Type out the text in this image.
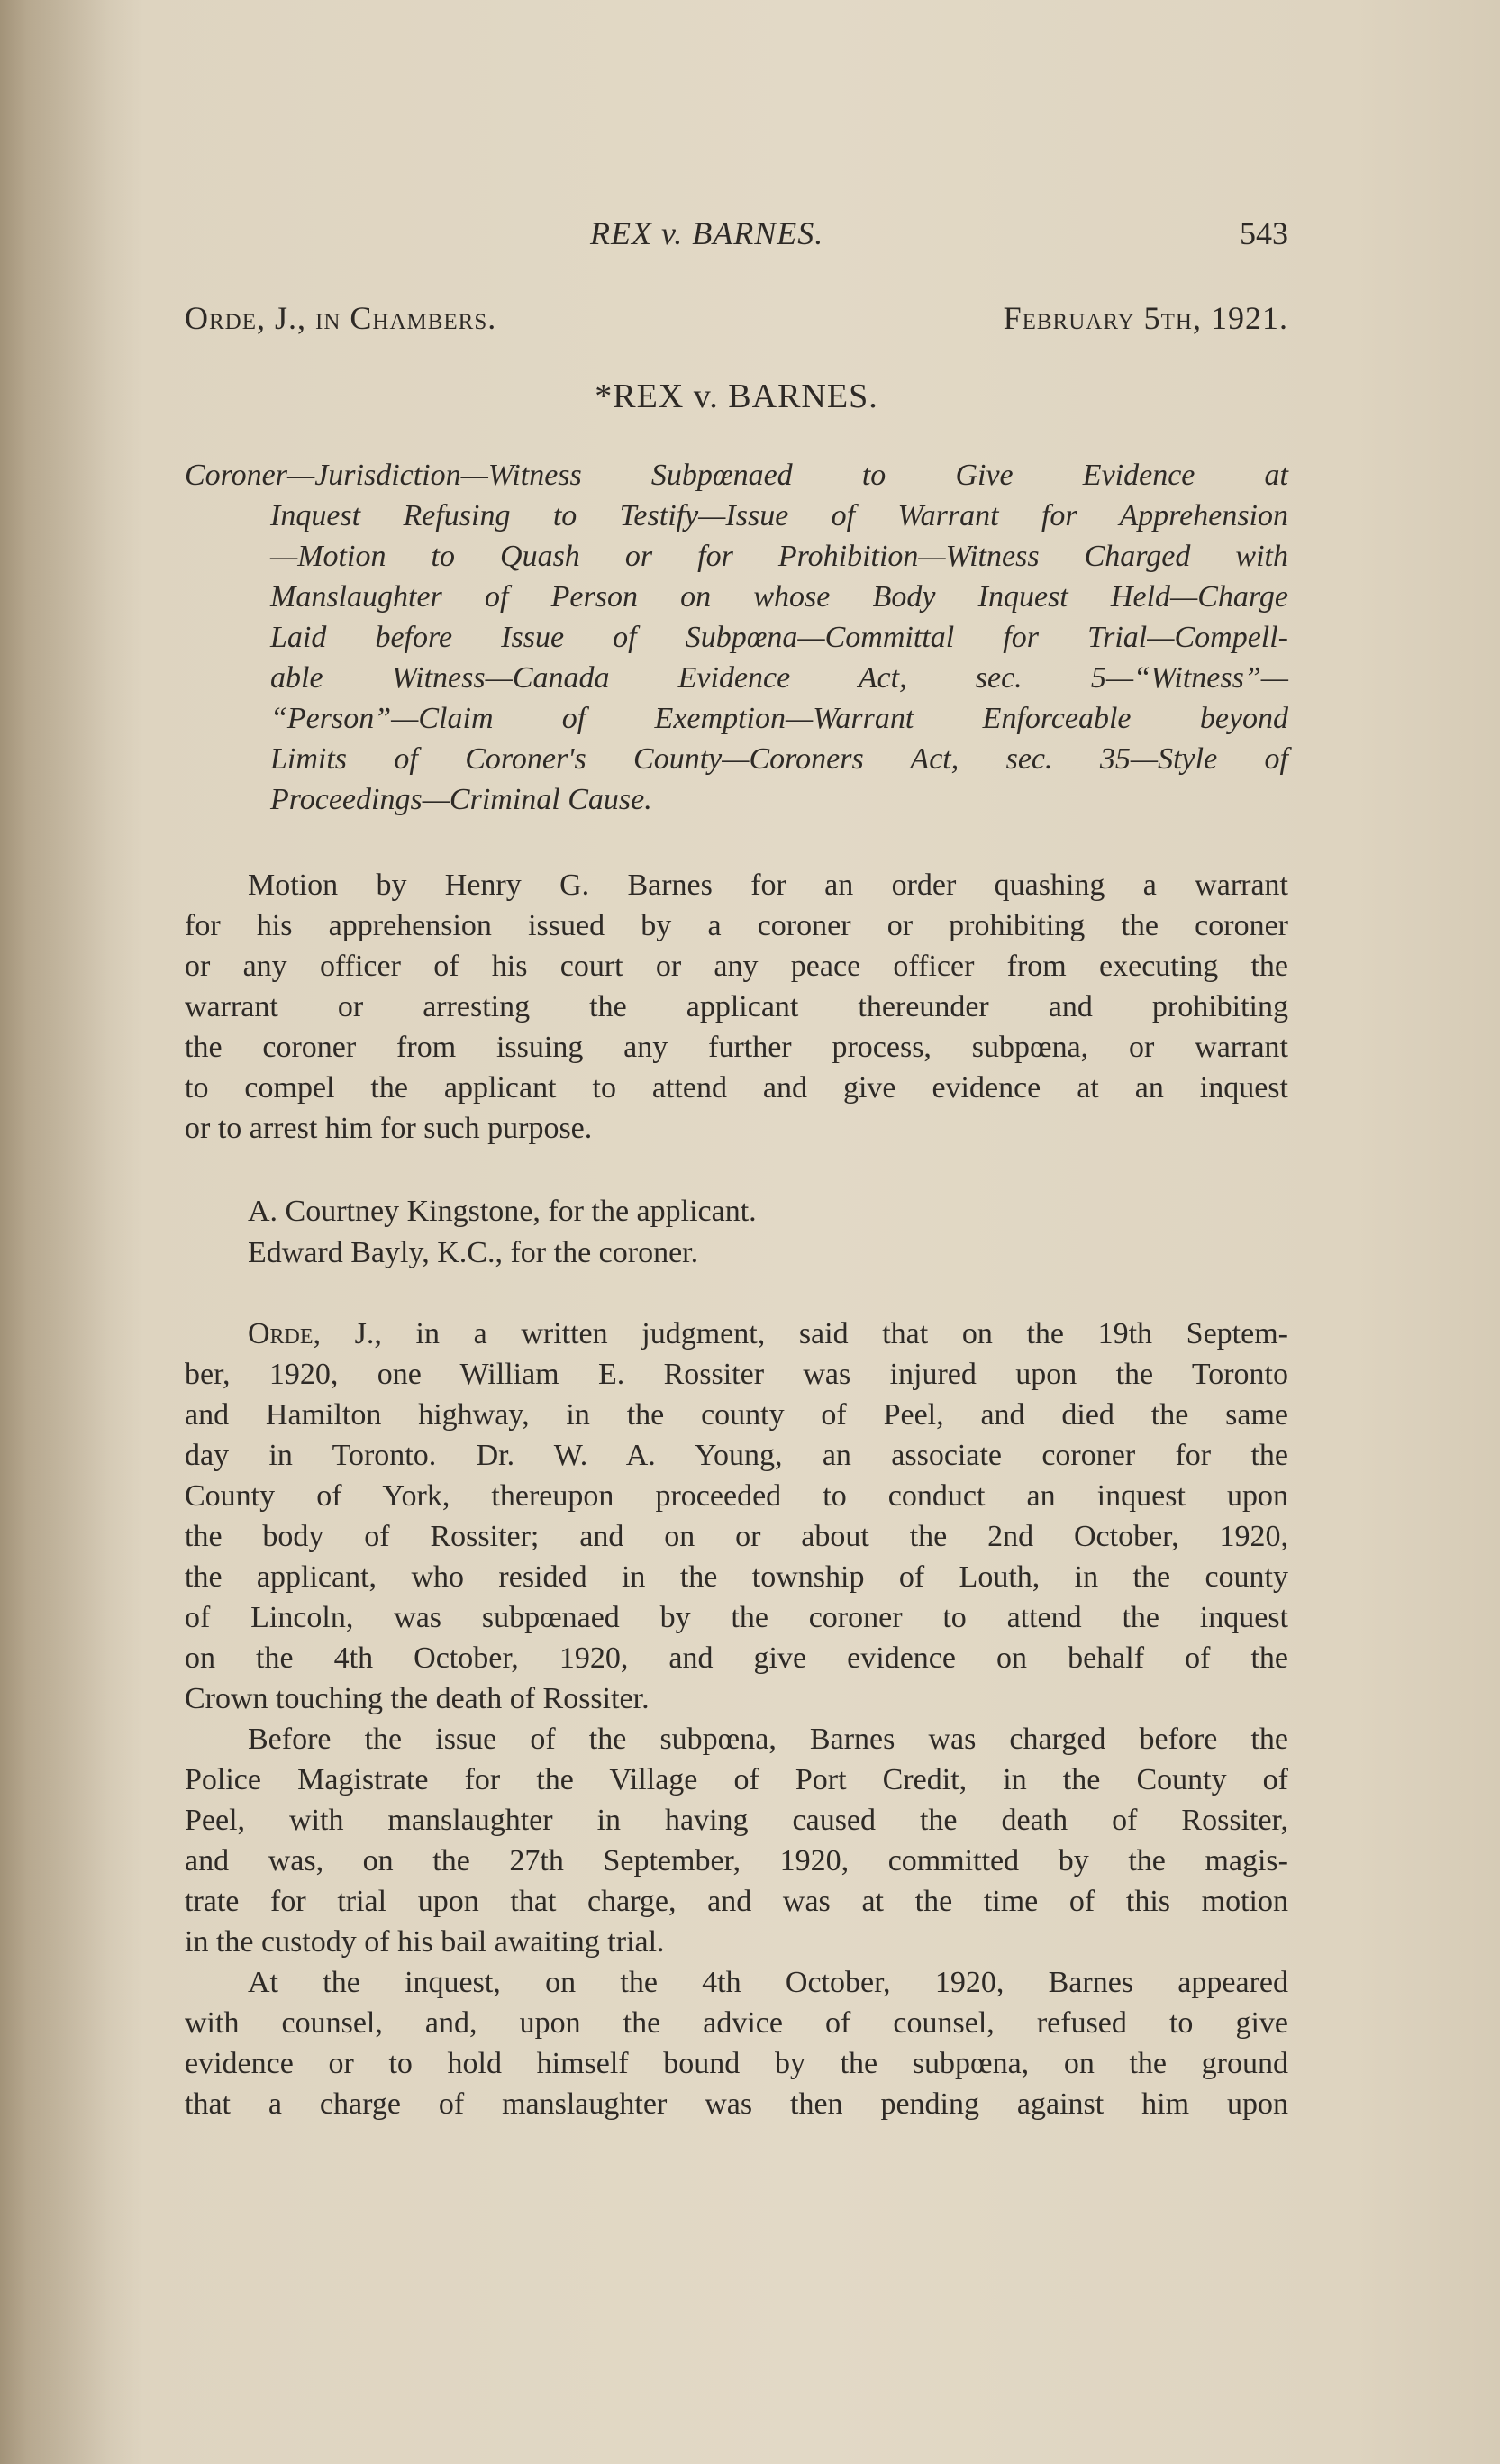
REX v. BARNES.	543
Orde, J., in Chambers.	February 5th, 1921.
*REX v. BARNES.
Coroner—Jurisdiction—Witness Subpœnaed to Give Evidence at
Inquest Refusing to Testify—Issue of Warrant for Apprehension
—Motion to Quash or for Prohibition—Witness Charged with
Manslaughter of Person on whose Body Inquest Held—Charge
Laid before Issue of Subpœna—Committal for Trial—Compell-
able Witness—Canada Evidence Act, sec. 5—“Witness”—
“Person”—Claim of Exemption—Warrant Enforceable beyond
Limits of Coroner's County—Coroners Act, sec. 35—Style of
Proceedings—Criminal Cause.
Motion by Henry G. Barnes for an order quashing a warrant
for his apprehension issued by a coroner or prohibiting the coroner
or any officer of his court or any peace officer from executing the
warrant or arresting the applicant thereunder and prohibiting
the coroner from issuing any further process, subpœna, or warrant
to compel the applicant to attend and give evidence at an inquest
or to arrest him for such purpose.
A. Courtney Kingstone, for the applicant.
Edward Bayly, K.C., for the coroner.
Orde, J., in a written judgment, said that on the 19th Septem-
ber, 1920, one William E. Rossiter was injured upon the Toronto
and Hamilton highway, in the county of Peel, and died the same
day in Toronto. Dr. W. A. Young, an associate coroner for the
County of York, thereupon proceeded to conduct an inquest upon
the body of Rossiter; and on or about the 2nd October, 1920,
the applicant, who resided in the township of Louth, in the county
of Lincoln, was subpœnaed by the coroner to attend the inquest
on the 4th October, 1920, and give evidence on behalf of the
Crown touching the death of Rossiter.
Before the issue of the subpœna, Barnes was charged before the
Police Magistrate for the Village of Port Credit, in the County of
Peel, with manslaughter in having caused the death of Rossiter,
and was, on the 27th September, 1920, committed by the magis-
trate for trial upon that charge, and was at the time of this motion
in the custody of his bail awaiting trial.
At the inquest, on the 4th October, 1920, Barnes appeared
with counsel, and, upon the advice of counsel, refused to give
evidence or to hold himself bound by the subpœna, on the ground
that a charge of manslaughter was then pending against him upon
